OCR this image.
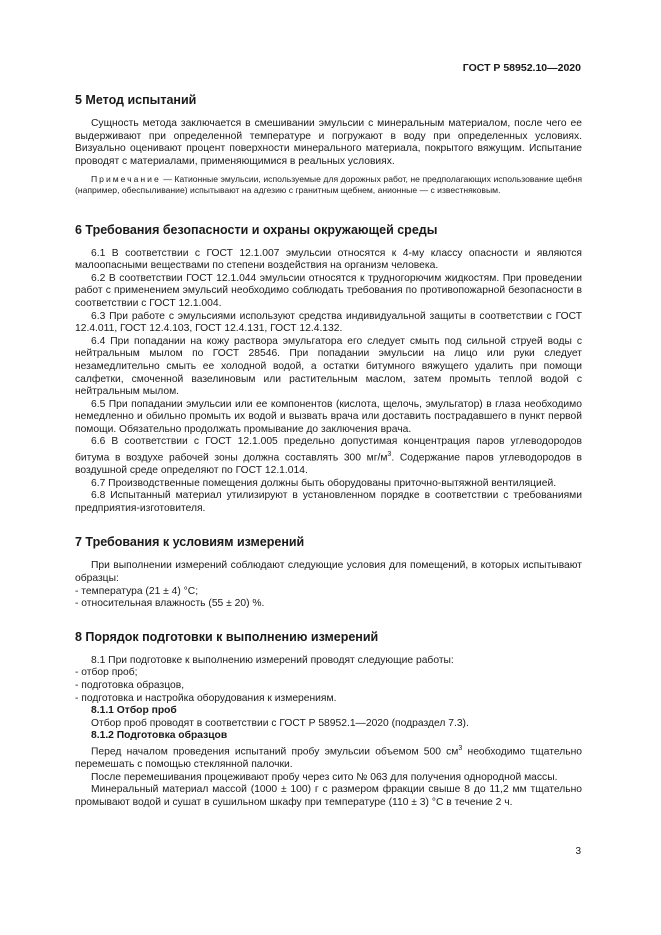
ГОСТ Р 58952.10—2020
5 Метод испытаний

Сущность метода заключается в смешивании эмульсии с минеральным материалом, после чего ее выдерживают при определенной температуре и погружают в воду при определенных условиях. Визуально оценивают процент поверхности минерального материала, покрытого вяжущим. Испытание проводят с материалами, применяющимися в реальных условиях.

Примечание — Катионные эмульсии, используемые для дорожных работ, не предполагающих использование щебня (например, обеспыливание) испытывают на адгезию с гранитным щебнем, анионные — с известняковым.
6 Требования безопасности и охраны окружающей среды

6.1 В соответствии с ГОСТ 12.1.007 эмульсии относятся к 4-му классу опасности и являются малоопасными веществами по степени воздействия на организм человека.

6.2 В соответствии ГОСТ 12.1.044 эмульсии относятся к трудногорючим жидкостям. При проведении работ с применением эмульсий необходимо соблюдать требования по противопожарной безопасности в соответствии с ГОСТ 12.1.004.

6.3 При работе с эмульсиями используют средства индивидуальной защиты в соответствии с ГОСТ 12.4.011, ГОСТ 12.4.103, ГОСТ 12.4.131, ГОСТ 12.4.132.

6.4 При попадании на кожу раствора эмульгатора его следует смыть под сильной струей воды с нейтральным мылом по ГОСТ 28546. При попадании эмульсии на лицо или руки следует незамедлительно смыть ее холодной водой, а остатки битумного вяжущего удалить при помощи салфетки, смоченной вазелиновым или растительным маслом, затем промыть теплой водой с нейтральным мылом.

6.5 При попадании эмульсии или ее компонентов (кислота, щелочь, эмульгатор) в глаза необходимо немедленно и обильно промыть их водой и вызвать врача или доставить пострадавшего в пункт первой помощи. Обязательно продолжать промывание до заключения врача.

6.6 В соответствии с ГОСТ 12.1.005 предельно допустимая концентрация паров углеводородов битума в воздухе рабочей зоны должна составлять 300 $мг/м^3$. Содержание паров углеводородов в воздушной среде определяют по ГОСТ 12.1.014.

6.7 Производственные помещения должны быть оборудованы приточно-вытяжной вентиляцией.

6.8 Испытанный материал утилизируют в установленном порядке в соответствии с требованиями предприятия-изготовителя.

7 Требования к условиям измерений

При выполнении измерений соблюдают следующие условия для помещений, в которых испытывают образцы:

- температура (21 ± 4) °С;
- относительная влажность (55 ± 20) %.
8 Порядок подготовки к выполнению измерений

8.1 При подготовке к выполнению измерений проводят следующие работы:

- отбор проб;
- подготовка образцов,
- подготовка и настройка оборудования к измерениям.

8.1.1 Отбор проб

Отбор проб проводят в соответствии с ГОСТ Р 58952.1—2020 (подраздел 7.3).

8.1.2 Подготовка образцов

Перед началом проведения испытаний пробу эмульсии объемом 500 $см^3$ необходимо тщательно перемешать с помощью стеклянной палочки.

После перемешивания процеживают пробу через сито № 063 для получения однородной массы.

Минеральный материал массой (1000 ± 100) г с размером фракции свыше 8 до 11,2 мм тщательно промывают водой и сушат в сушильном шкафу при температуре (110 ± 3) °С в течение 2 ч.

3
